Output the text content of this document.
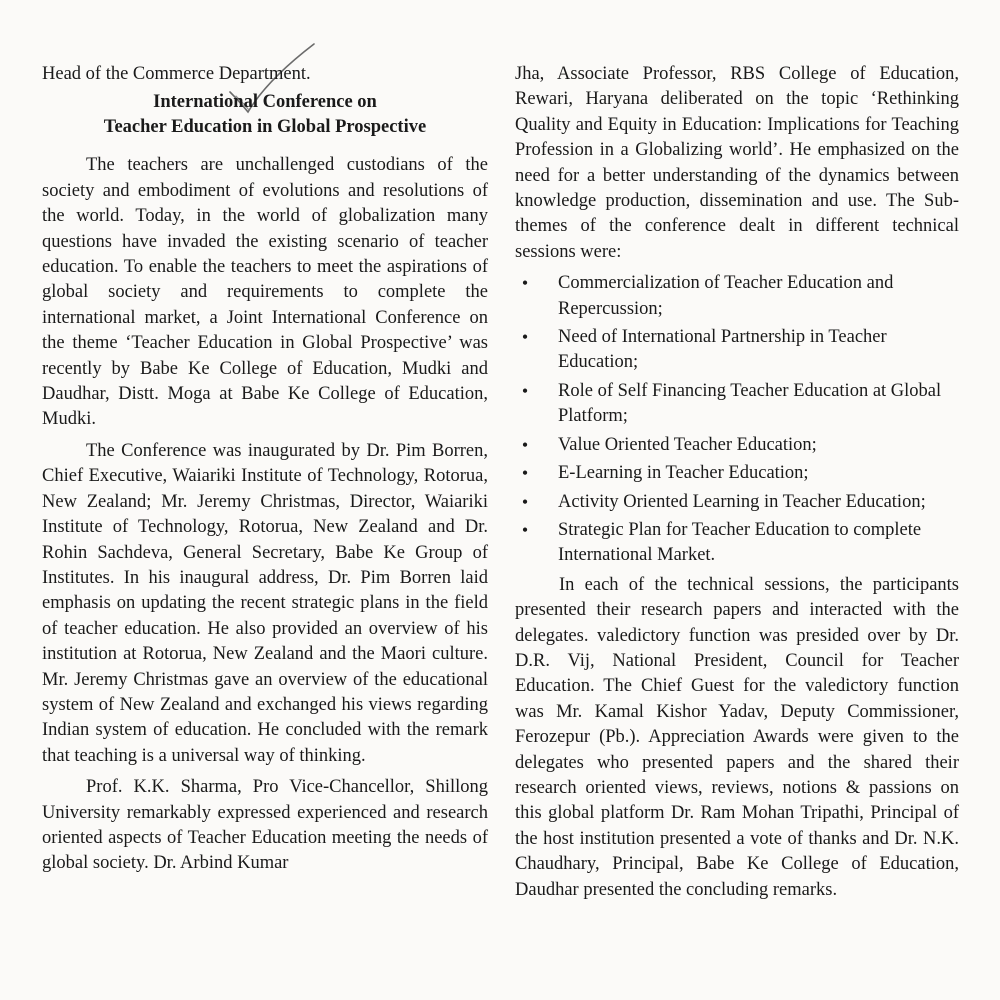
Head of the Commerce Department.
International Conference on
Teacher Education in Global Prospective

The teachers are unchallenged custodians of the society and embodiment of evolutions and resolutions of the world. Today, in the world of globalization many questions have invaded the existing scenario of teacher education. To enable the teachers to meet the aspirations of global society and requirements to complete the international market, a Joint International Conference on the theme ‘Teacher Education in Global Prospective’ was recently by Babe Ke College of Education, Mudki and Daudhar, Distt. Moga at Babe Ke College of Education, Mudki.

The Conference was inaugurated by Dr. Pim Borren, Chief Executive, Waiariki Institute of Technology, Rotorua, New Zealand; Mr. Jeremy Christmas, Director, Waiariki Institute of Technology, Rotorua, New Zealand and Dr. Rohin Sachdeva, General Secretary, Babe Ke Group of Institutes. In his inaugural address, Dr. Pim Borren laid emphasis on updating the recent strategic plans in the field of teacher education. He also provided an overview of his institution at Rotorua, New Zealand and the Maori culture. Mr. Jeremy Christmas gave an overview of the educational system of New Zealand and exchanged his views regarding Indian system of education. He concluded with the remark that teaching is a universal way of thinking.

Prof. K.K. Sharma, Pro Vice-Chancellor, Shillong University remarkably expressed experienced and research oriented aspects of Teacher Education meeting the needs of global society. Dr. Arbind Kumar

Jha, Associate Professor, RBS College of Education, Rewari, Haryana deliberated on the topic ‘Rethinking Quality and Equity in Education: Implications for Teaching Profession in a Globalizing world’. He emphasized on the need for a better understanding of the dynamics between knowledge production, dissemination and use. The Sub-themes of the conference dealt in different technical sessions were:

•	Commercialization of Teacher Education and Repercussion;
•	Need of International Partnership in Teacher Education;
•	Role of Self Financing Teacher Education at Global Platform;
•	Value Oriented Teacher Education;
•	E-Learning in Teacher Education;
•	Activity Oriented Learning in Teacher Education;
•	Strategic Plan for Teacher Education to complete International Market.

In each of the technical sessions, the participants presented their research papers and interacted with the delegates. valedictory function was presided over by Dr. D.R. Vij, National President, Council for Teacher Education. The Chief Guest for the valedictory function was Mr. Kamal Kishor Yadav, Deputy Commissioner, Ferozepur (Pb.). Appreciation Awards were given to the delegates who presented papers and the shared their research oriented views, reviews, notions & passions on this global platform Dr. Ram Mohan Tripathi, Principal of the host institution presented a vote of thanks and Dr. N.K. Chaudhary, Principal, Babe Ke College of Education, Daudhar presented the concluding remarks.
